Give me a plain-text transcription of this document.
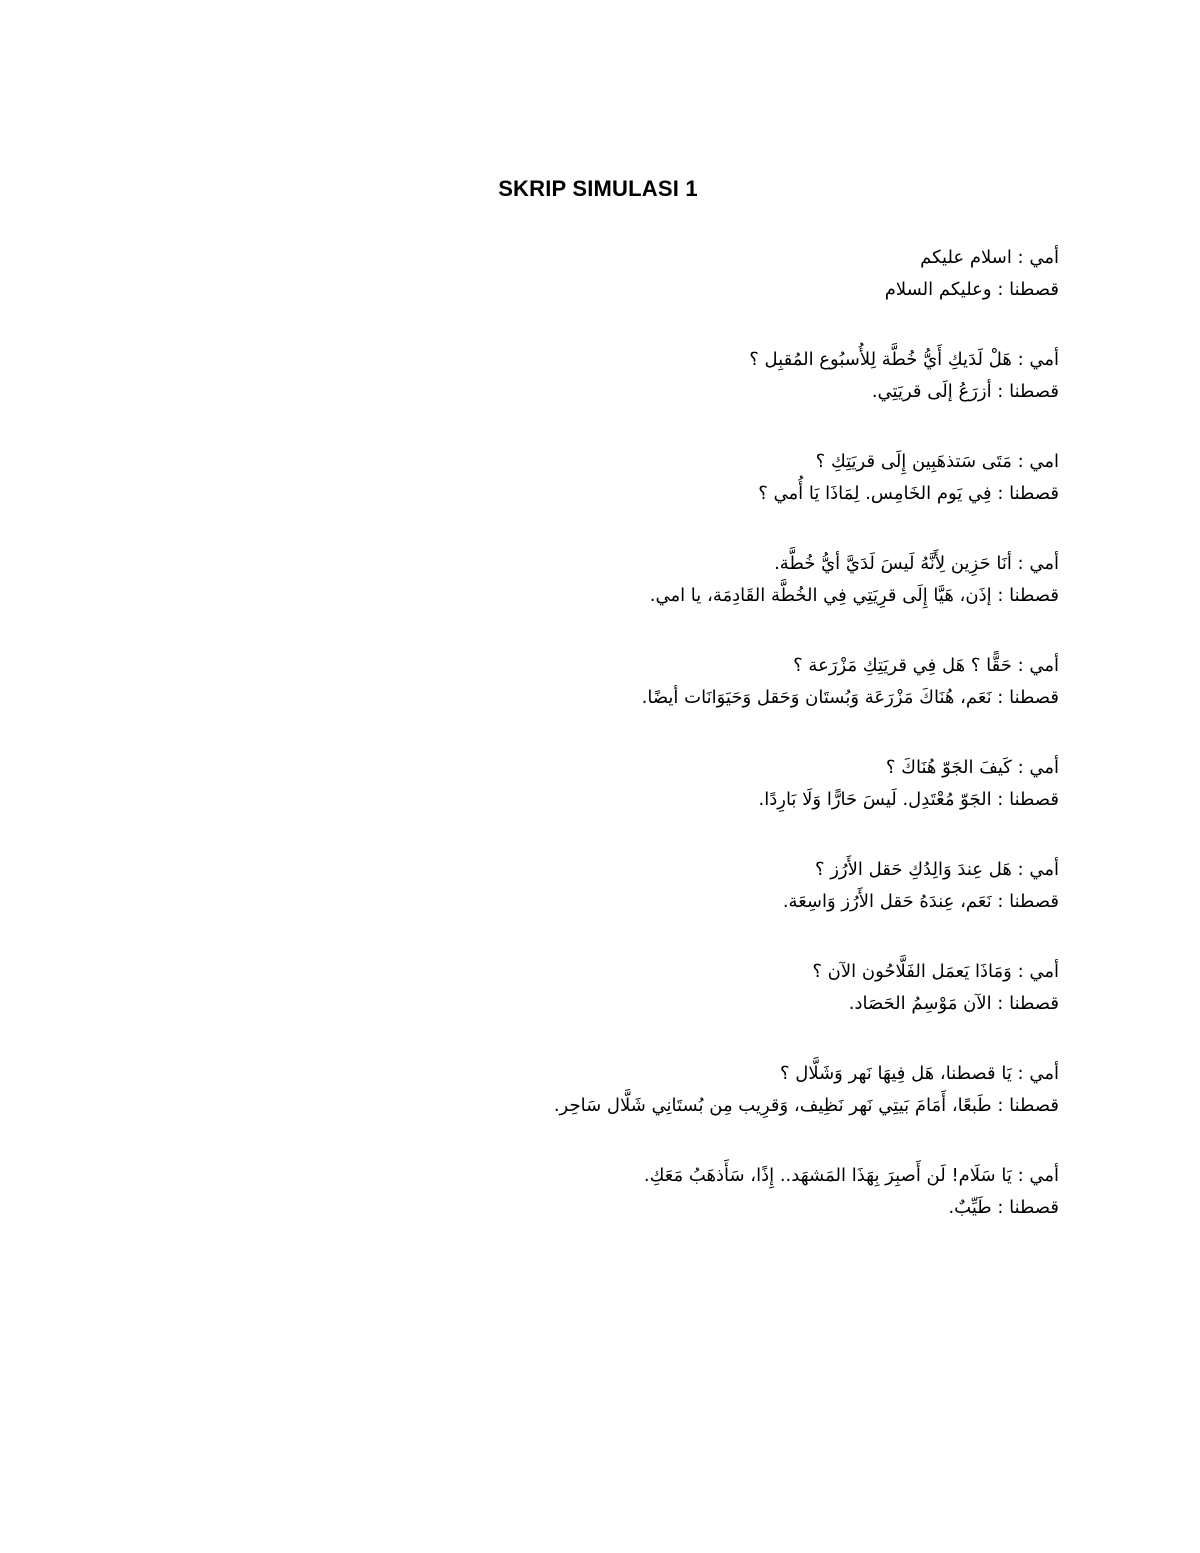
SKRIP SIMULASI 1
أمي : اسلام عليكم
قصطنا : وعليكم السلام
أمي : هَلْ لَدَيكِ أَيُّ خُطَّة لِلأُسبُوع المُقبِل ؟
قصطنا : أزرَعُ إلَى قريَتِي.
امي : مَتَى سَتذهَبِين إِلَى قريَتِكِ ؟
قصطنا : فِي يَوم الخَامِس. لِمَاذَا يَا أُمي ؟
أمي : أنَا حَزِين لِأَنَّهُ لَيسَ لَدَيَّ أيُّ خُطَّة.
قصطنا : إذَن، هَيَّا إِلَى قرِيَتِي فِي الخُطَّة القَادِمَة، يا امي.
أمي : حَقًّا ؟ هَل فِي قريَتِكِ مَزْرَعة ؟
قصطنا : نَعَم، هُنَاكَ مَزْرَعَة وَبُستَان وَحَقل وَحَيَوَانَات أيضًا.
أمي : كَيفَ الجَوّ هُنَاكَ ؟
قصطنا : الجَوّ مُعْتَدِل. لَيسَ حَارًّا وَلَا بَارِدًا.
أمي : هَل عِندَ وَالِدُكِ حَقل الأَرُز ؟
قصطنا : نَعَم، عِندَهُ حَقل الأَرُز وَاسِعَة.
أمي : وَمَاذَا يَعمَل الفَلَّاحُون الآن ؟
قصطنا : الآن مَوْسِمُ الحَصَاد.
أمي : يَا قصطنا، هَل فِيهَا نَهر وَشَلَّال ؟
قصطنا : طَبعًا، أَمَامَ بَيتِي نَهر نَظِيف، وَقرِيب مِن بُستَانِي شَلَّال سَاحِر.
أمي : يَا سَلَام! لَن أَصبِرَ بِهَذَا المَشهَد.. إِذًا، سَأَذهَبُ مَعَكِ.
قصطنا : طَيِّبٌ.
